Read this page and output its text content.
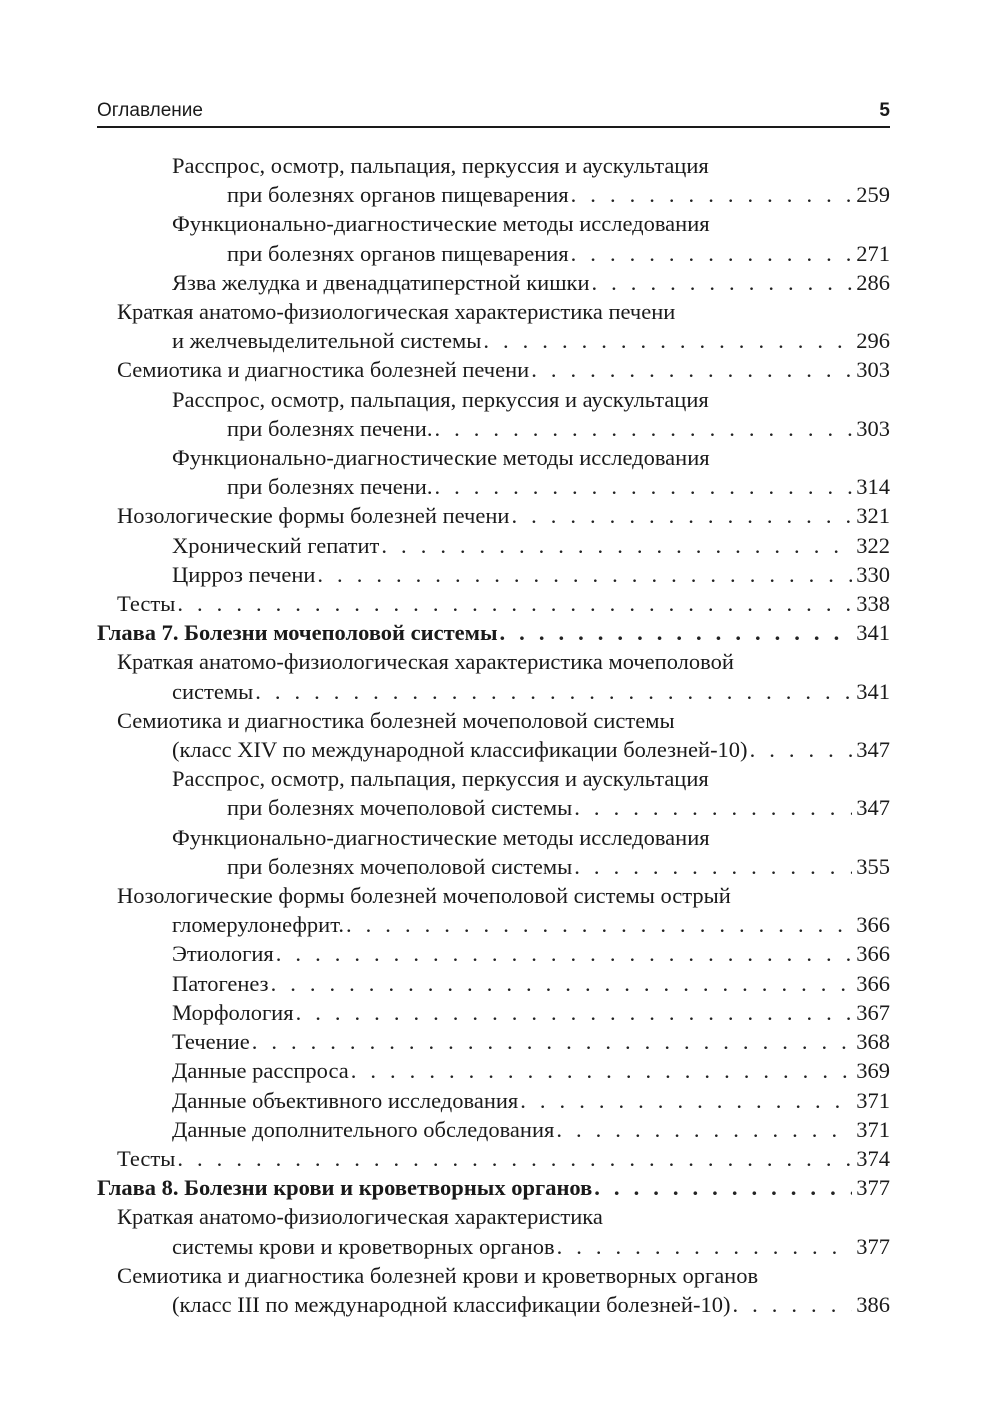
Оглавление	5
Расспрос, осмотр, пальпация, перкуссия и аускультация
при болезнях органов пищеварения . . .	259
Функционально-диагностические методы исследования
при болезнях органов пищеварения . . .	271
Язва желудка и двенадцатиперстной кишки . . .	286
Краткая анатомо-физиологическая характеристика печени
и желчевыделительной системы . . .	296
Семиотика и диагностика болезней печени . . .	303
Расспрос, осмотр, пальпация, перкуссия и аускультация
при болезнях печени. . . .	303
Функционально-диагностические методы исследования
при болезнях печени. . . .	314
Нозологические формы болезней печени . . .	321
Хронический гепатит . . .	322
Цирроз печени . . .	330
Тесты . . .	338
Глава 7. Болезни мочеполовой системы . . .	341
Краткая анатомо-физиологическая характеристика мочеполовой
системы . . .	341
Семиотика и диагностика болезней мочеполовой системы
(класс XIV по международной классификации болезней-10) . . .	347
Расспрос, осмотр, пальпация, перкуссия и аускультация
при болезнях мочеполовой системы . . .	347
Функционально-диагностические методы исследования
при болезнях мочеполовой системы . . .	355
Нозологические формы болезней мочеполовой системы острый
гломерулонефрит. . . .	366
Этиология . . .	366
Патогенез . . .	366
Морфология . . .	367
Течение . . .	368
Данные расспроса . . .	369
Данные объективного исследования . . .	371
Данные дополнительного обследования . . .	371
Тесты . . .	374
Глава 8. Болезни крови и кроветворных органов . . .	377
Краткая анатомо-физиологическая характеристика
системы крови и кроветворных органов . . .	377
Семиотика и диагностика болезней крови и кроветворных органов
(класс III по международной классификации болезней-10) . . .	386
